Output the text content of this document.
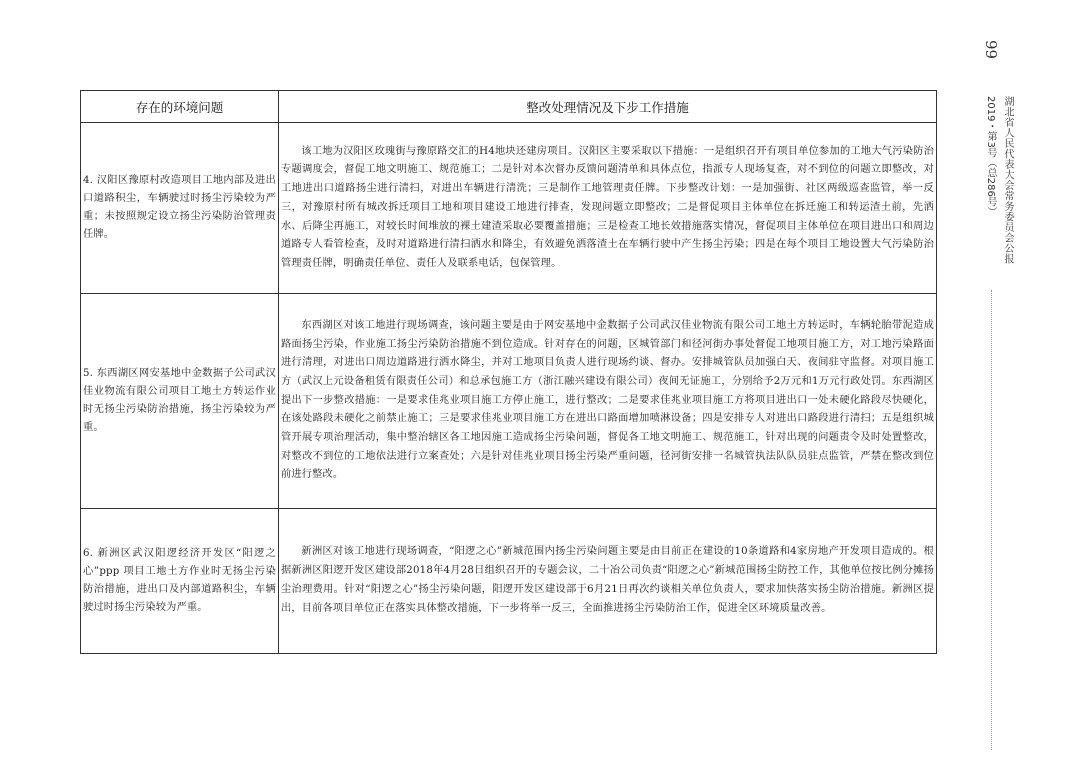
99
湖北省人民代表大会常务委员会公报
2019・第3号（总286号）
存在的环境问题	整改处理情况及下步工作措施
4. 汉阳区豫原村改造项目工地内部及进出口道路积尘，车辆驶过时扬尘污染较为严重；未按照规定设立扬尘污染防治管理责任牌。	该工地为汉阳区玫瑰街与豫原路交汇的H4地块还建房项目。汉阳区主要采取以下措施：一是组织召开有项目单位参加的工地大气污染防治专题调度会，督促工地文明施工、规范施工；二是针对本次督办反馈问题清单和具体点位，指派专人现场复查，对不到位的问题立即整改，对工地进出口道路扬尘进行清扫，对进出车辆进行清洗；三是制作工地管理责任牌。下步整改计划：一是加强街、社区两级巡查监管，举一反三，对豫原村所有城改拆迁项目工地和项目建设工地进行排查，发现问题立即整改；二是督促项目主体单位在拆迁施工和转运渣土前，先洒水、后降尘再施工，对较长时间堆放的裸土建渣采取必要覆盖措施；三是检查工地长效措施落实情况，督促项目主体单位在项目进出口和周边道路专人看管检查，及时对道路进行清扫洒水和降尘，有效避免洒落渣土在车辆行驶中产生扬尘污染；四是在每个项目工地设置大气污染防治管理责任牌，明确责任单位、责任人及联系电话，包保管理。
5. 东西湖区网安基地中金数据子公司武汉佳业物流有限公司项目工地土方转运作业时无扬尘污染防治措施，扬尘污染较为严重。	东西湖区对该工地进行现场调查，该问题主要是由于网安基地中金数据子公司武汉佳业物流有限公司工地土方转运时，车辆轮胎带泥造成路面扬尘污染，作业施工扬尘污染防治措施不到位造成。针对存在的问题，区城管部门和径河街办事处督促工地项目施工方，对工地污染路面进行清理，对进出口周边道路进行洒水降尘，并对工地项目负责人进行现场约谈、督办。安排城管队员加强白天、夜间驻守监督。对项目施工方（武汉上元设备租赁有限责任公司）和总承包施工方（浙江融兴建设有限公司）夜间无证施工，分别给予2万元和1万元行政处罚。东西湖区提出下一步整改措施：一是要求佳兆业项目施工方停止施工，进行整改；二是要求佳兆业项目施工方将项目进出口一处未硬化路段尽快硬化，在该处路段未硬化之前禁止施工；三是要求佳兆业项目施工方在进出口路面增加喷淋设备；四是安排专人对进出口路段进行清扫；五是组织城管开展专项治理活动，集中整治辖区各工地因施工造成扬尘污染问题，督促各工地文明施工、规范施工，针对出现的问题责令及时处置整改，对整改不到位的工地依法进行立案查处；六是针对佳兆业项目扬尘污染严重问题，径河街安排一名城管执法队队员驻点监管，严禁在整改到位前进行整改。
6. 新洲区武汉阳逻经济开发区“阳逻之心”ppp 项目工地土方作业时无扬尘污染防治措施，进出口及内部道路积尘，车辆驶过时扬尘污染较为严重。	新洲区对该工地进行现场调查，“阳逻之心”新城范围内扬尘污染问题主要是由目前正在建设的10条道路和4家房地产开发项目造成的。根据新洲区阳逻开发区建设部2018年4月28日组织召开的专题会议，二十冶公司负责“阳逻之心”新城范围扬尘防控工作，其他单位按比例分摊扬尘治理费用。针对“阳逻之心”扬尘污染问题，阳逻开发区建设部于6月21日再次约谈相关单位负责人，要求加快落实扬尘防治措施。新洲区提出，目前各项目单位正在落实具体整改措施，下一步将举一反三，全面推进扬尘污染防治工作，促进全区环境质量改善。
